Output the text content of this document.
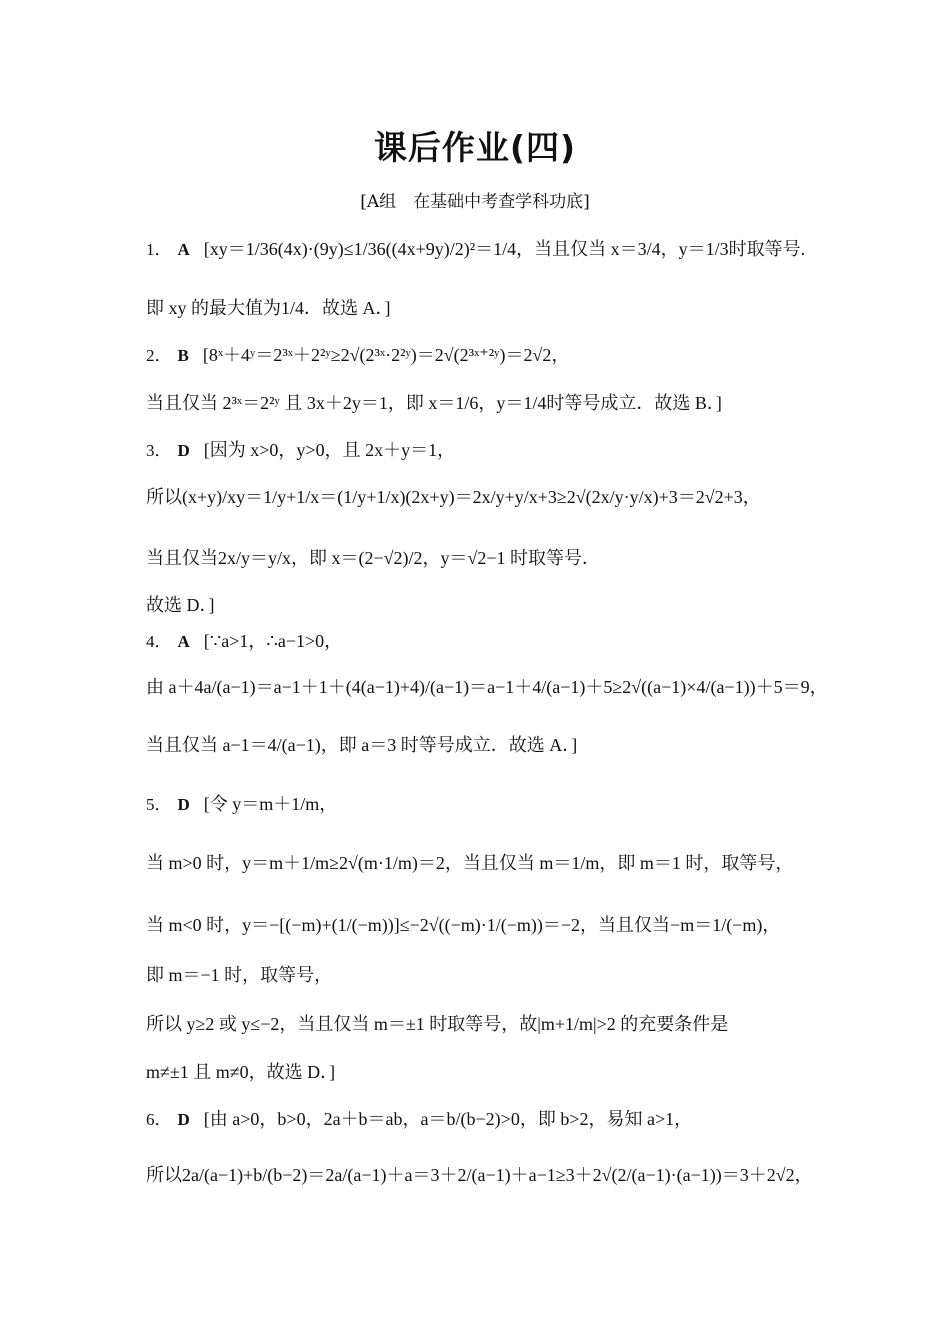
课后作业(四)
[A组　在基础中考查学科功底]
1． A [xy＝1/36(4x)·(9y)≤1/36((4x+9y)/2)²＝1/4，当且仅当 x＝3/4，y＝1/3时取等号.
即 xy 的最大值为1/4．故选 A．]
2． B [8ˣ＋4ʸ＝2³ˣ＋2²ʸ≥2√(2³ˣ·2²ʸ)＝2√(2³ˣ⁺²ʸ)＝2√2，
当且仅当 2³ˣ＝2²ʸ 且 3x＋2y＝1，即 x＝1/6，y＝1/4时等号成立．故选 B．]
3． D [因为 x>0，y>0，且 2x＋y＝1，
所以(x+y)/xy＝1/y+1/x＝(1/y+1/x)(2x+y)＝2x/y+y/x+3≥2√(2x/y·y/x)+3＝2√2+3，
当且仅当2x/y＝y/x，即 x＝(2−√2)/2，y＝√2−1 时取等号．
故选 D．]
4． A [∵a>1，∴a−1>0，
由 a＋4a/(a−1)＝a−1＋1＋(4(a−1)+4)/(a−1)＝a−1＋4/(a−1)＋5≥2√((a−1)×4/(a−1))＋5＝9，
当且仅当 a−1＝4/(a−1)，即 a＝3 时等号成立．故选 A．]
5． D [令 y＝m＋1/m，
当 m>0 时，y＝m＋1/m≥2√(m·1/m)＝2，当且仅当 m＝1/m，即 m＝1 时，取等号，
当 m<0 时，y＝−[(−m)+(1/(−m))]≤−2√((−m)·1/(−m))＝−2，当且仅当−m＝1/(−m)，
即 m＝−1 时，取等号，
所以 y≥2 或 y≤−2，当且仅当 m＝±1 时取等号，故|m+1/m|>2 的充要条件是
m≠±1 且 m≠0，故选 D．]
6． D [由 a>0，b>0，2a＋b＝ab，a＝b/(b−2)>0，即 b>2，易知 a>1，
所以2a/(a−1)+b/(b−2)＝2a/(a−1)＋a＝3＋2/(a−1)＋a−1≥3＋2√(2/(a−1)·(a−1))＝3＋2√2，
